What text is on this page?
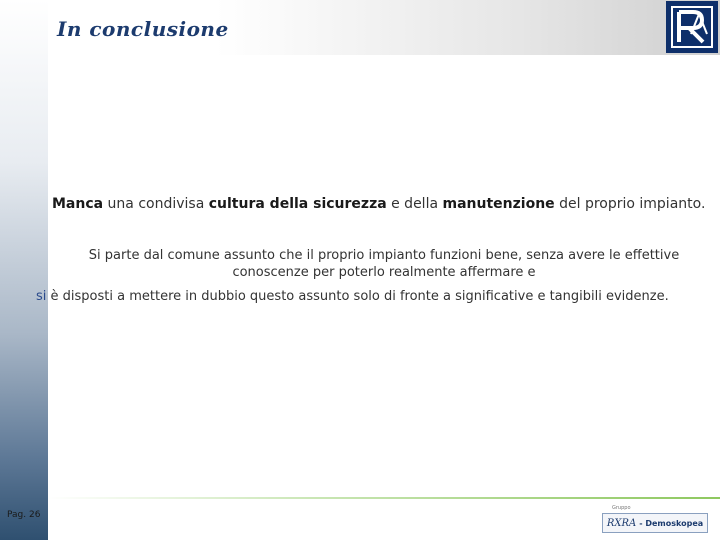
In conclusione
Manca una condivisa cultura della sicurezza e della manutenzione del proprio impianto.
Si parte dal comune assunto che il proprio impianto funzioni bene, senza avere le effettive
conoscenze per poterlo realmente affermare e
si è disposti a mettere in dubbio questo assunto solo di fronte a significative e tangibili evidenze.
Pag. 26
Gruppo
RXRA - Demoskopea
